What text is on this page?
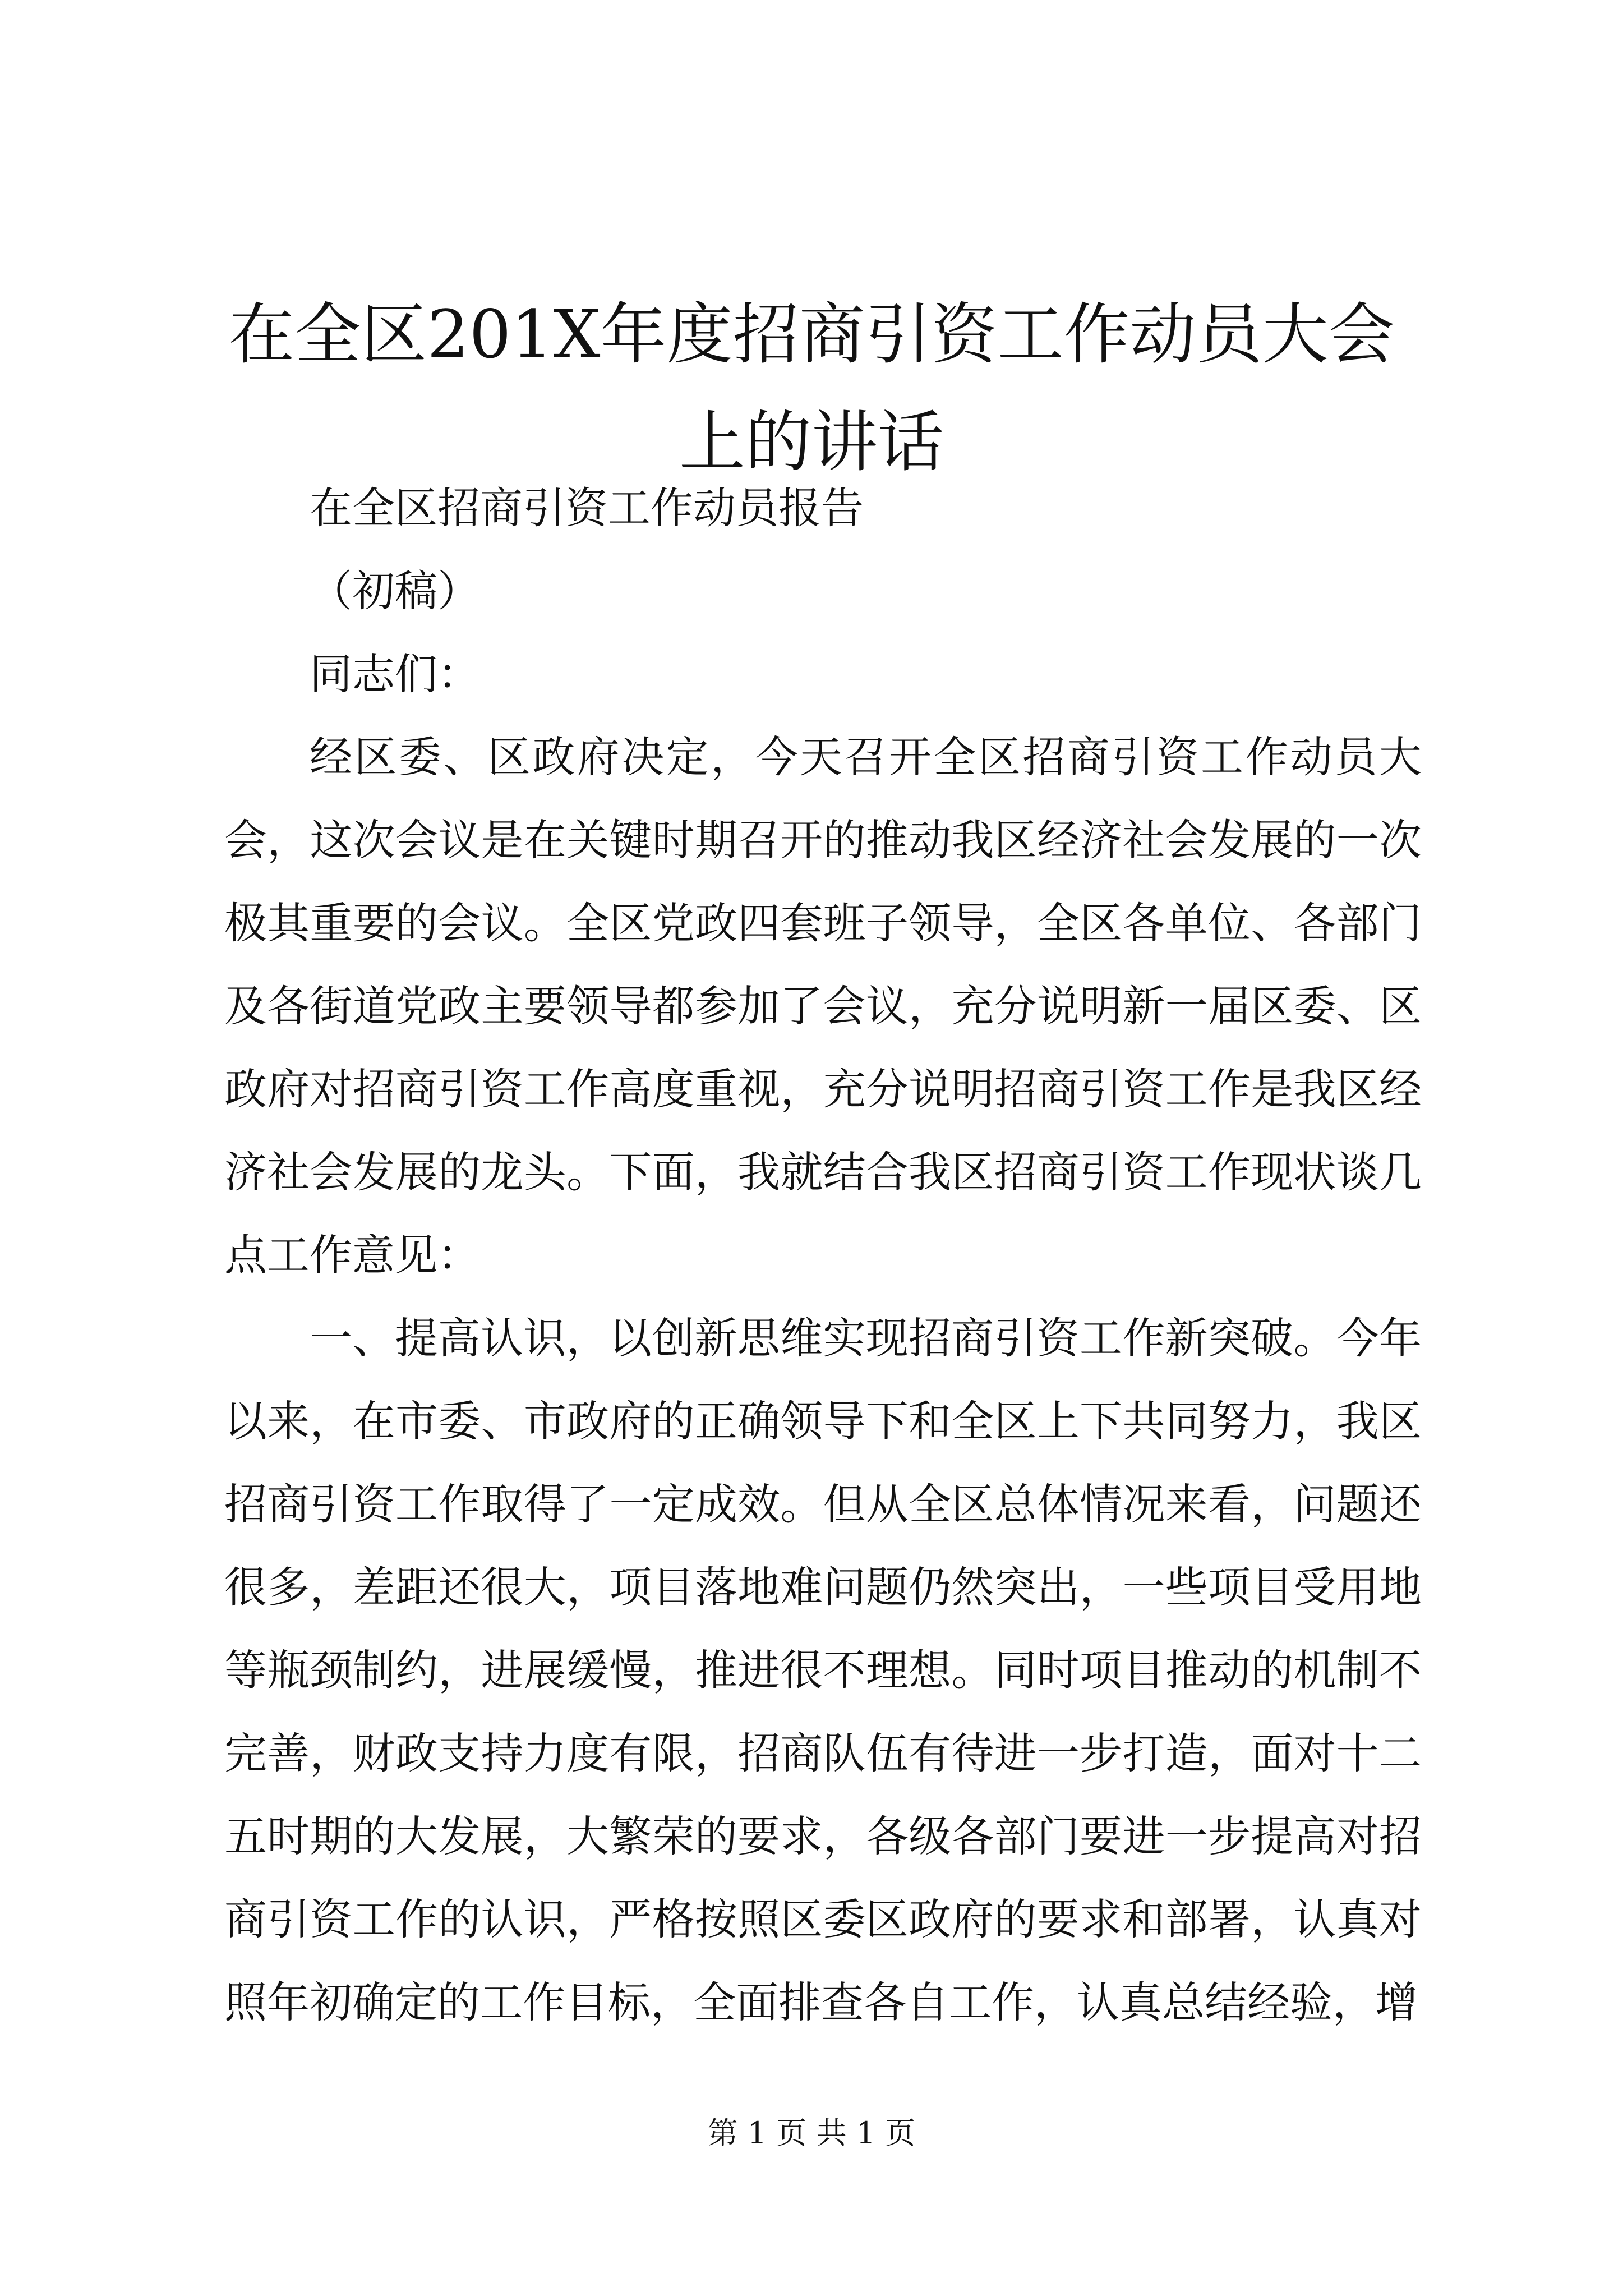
在全区201X年度招商引资工作动员大会上的讲话

在全区招商引资工作动员报告

（初稿）

同志们：

经区委、区政府决定，今天召开全区招商引资工作动员大会，这次会议是在关键时期召开的推动我区经济社会发展的一次极其重要的会议。全区党政四套班子领导，全区各单位、各部门及各街道党政主要领导都参加了会议，充分说明新一届区委、区政府对招商引资工作高度重视，充分说明招商引资工作是我区经济社会发展的龙头。下面，我就结合我区招商引资工作现状谈几点工作意见：

一、提高认识，以创新思维实现招商引资工作新突破。今年以来，在市委、市政府的正确领导下和全区上下共同努力，我区招商引资工作取得了一定成效。但从全区总体情况来看，问题还很多，差距还很大，项目落地难问题仍然突出，一些项目受用地等瓶颈制约，进展缓慢，推进很不理想。同时项目推动的机制不完善，财政支持力度有限，招商队伍有待进一步打造，面对十二五时期的大发展，大繁荣的要求，各级各部门要进一步提高对招商引资工作的认识，严格按照区委区政府的要求和部署，认真对照年初确定的工作目标，全面排查各自工作，认真总结经验，增

第 1 页 共 1 页
